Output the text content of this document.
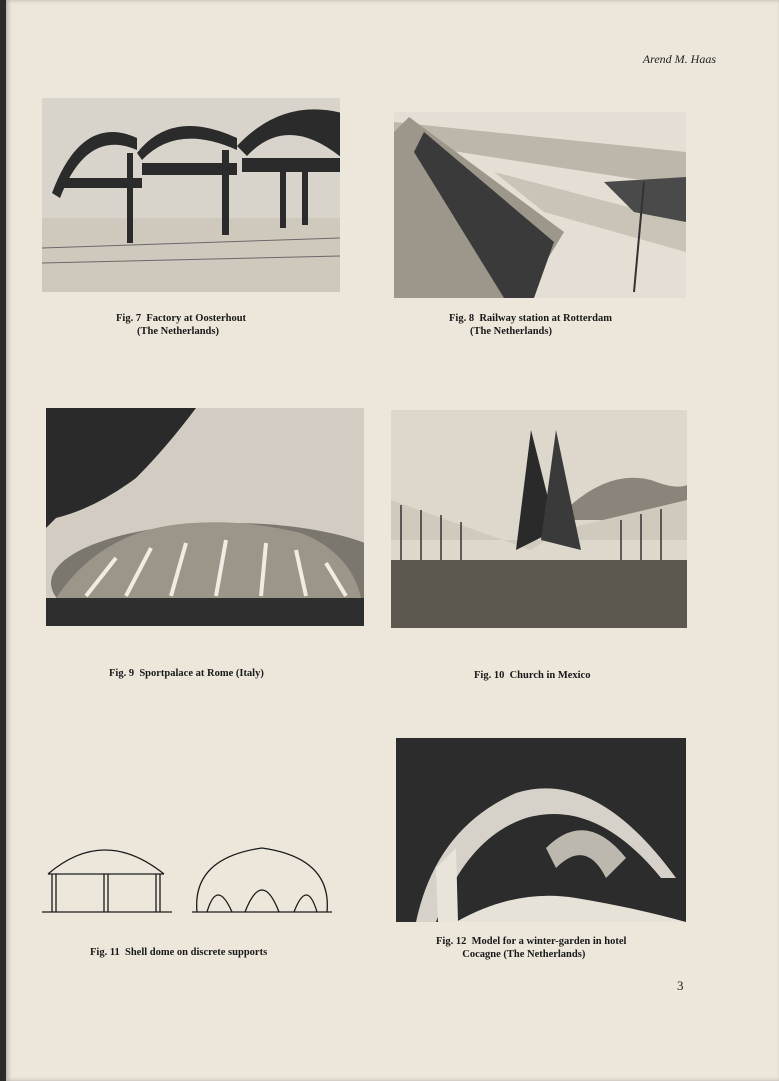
Arend M. Haas
Fig. 7  Factory at Oosterhout
(The Netherlands)
Fig. 8  Railway station at Rotterdam
(The Netherlands)
Fig. 9  Sportpalace at Rome (Italy)	Fig. 10  Church in Mexico
Fig. 11  Shell dome on discrete supports
Fig. 12  Model for a winter-garden in hotel
Cocagne (The Netherlands)
3
